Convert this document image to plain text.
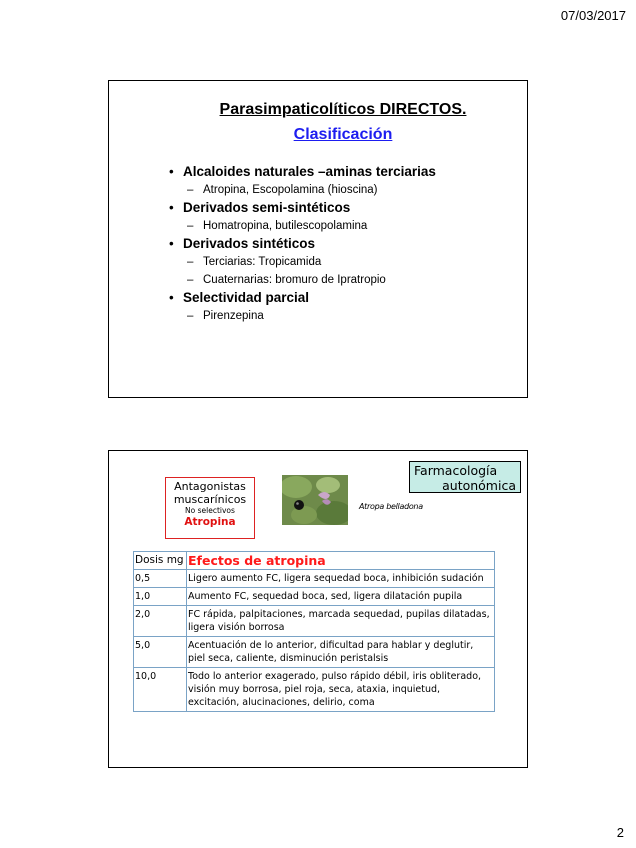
07/03/2017
Parasimpaticolíticos DIRECTOS.
Clasificación
• Alcaloides naturales –aminas terciarias
– Atropina, Escopolamina (hioscina)
• Derivados semi-sintéticos
– Homatropina, butilescopolamina
• Derivados sintéticos
– Terciarias: Tropicamida
– Cuaternarias: bromuro de Ipratropio
• Selectividad parcial
– Pirenzepina
Farmacología
autonómica
Antagonistas
muscarínicos
No selectivos
Atropina
Atropa belladona
Dosis mg	Efectos de atropina
0,5	Ligero aumento FC, ligera sequedad boca, inhibición sudación
1,0	Aumento FC, sequedad boca, sed, ligera dilatación pupila
2,0	FC rápida, palpitaciones, marcada sequedad, pupilas dilatadas, ligera visión borrosa
5,0	Acentuación de lo anterior, dificultad para hablar y deglutir, piel seca, caliente, disminución peristalsis
10,0	Todo lo anterior exagerado, pulso rápido débil, iris obliterado, visión muy borrosa, piel roja, seca, ataxia, inquietud, excitación, alucinaciones, delirio, coma
2
